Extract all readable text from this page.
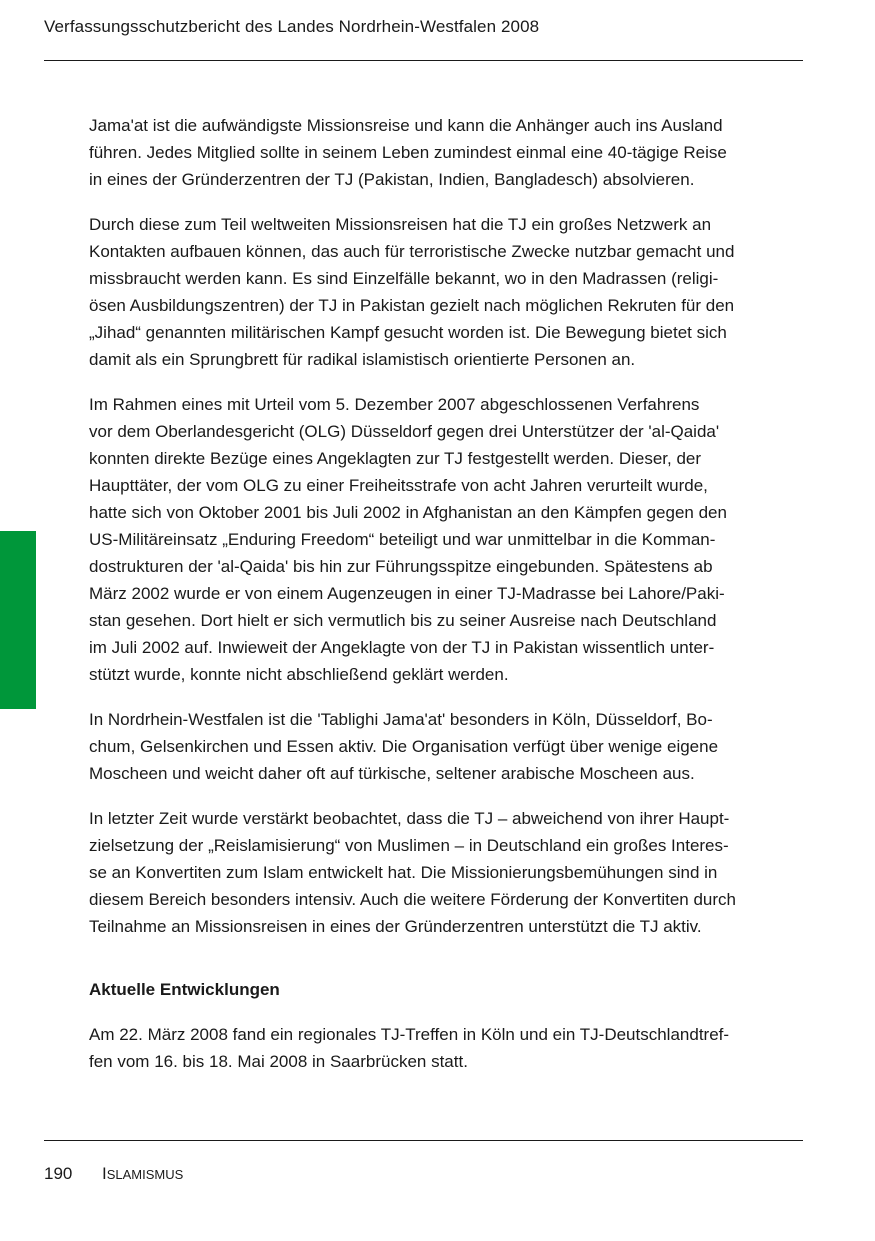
Verfassungsschutzbericht des Landes Nordrhein-Westfalen 2008
Jama'at ist die aufwändigste Missionsreise und kann die Anhänger auch ins Ausland
führen. Jedes Mitglied sollte in seinem Leben zumindest einmal eine 40-tägige Reise
in eines der Gründerzentren der TJ (Pakistan, Indien, Bangladesch) absolvieren.
Durch diese zum Teil weltweiten Missionsreisen hat die TJ ein großes Netzwerk an
Kontakten aufbauen können, das auch für terroristische Zwecke nutzbar gemacht und
missbraucht werden kann. Es sind Einzelfälle bekannt, wo in den Madrassen (religi-
ösen Ausbildungszentren) der TJ in Pakistan gezielt nach möglichen Rekruten für den
„Jihad“ genannten militärischen Kampf gesucht worden ist. Die Bewegung bietet sich
damit als ein Sprungbrett für radikal islamistisch orientierte Personen an.
Im Rahmen eines mit Urteil vom 5. Dezember 2007 abgeschlossenen Verfahrens
vor dem Oberlandesgericht (OLG) Düsseldorf gegen drei Unterstützer der 'al-Qaida'
konnten direkte Bezüge eines Angeklagten zur TJ festgestellt werden. Dieser, der
Haupttäter, der vom OLG zu einer Freiheitsstrafe von acht Jahren verurteilt wurde,
hatte sich von Oktober 2001 bis Juli 2002 in Afghanistan an den Kämpfen gegen den
US-Militäreinsatz „Enduring Freedom“ beteiligt und war unmittelbar in die Komman-
dostrukturen der 'al-Qaida' bis hin zur Führungsspitze eingebunden. Spätestens ab
März 2002 wurde er von einem Augenzeugen in einer TJ-Madrasse bei Lahore/Paki-
stan gesehen. Dort hielt er sich vermutlich bis zu seiner Ausreise nach Deutschland
im Juli 2002 auf. Inwieweit der Angeklagte von der TJ in Pakistan wissentlich unter-
stützt wurde, konnte nicht abschließend geklärt werden.
In Nordrhein-Westfalen ist die 'Tablighi Jama'at' besonders in Köln, Düsseldorf, Bo-
chum, Gelsenkirchen und Essen aktiv. Die Organisation verfügt über wenige eigene
Moscheen und weicht daher oft auf türkische, seltener arabische Moscheen aus.
In letzter Zeit wurde verstärkt beobachtet, dass die TJ – abweichend von ihrer Haupt-
zielsetzung der „Reislamisierung“ von Muslimen – in Deutschland ein großes Interes-
se an Konvertiten zum Islam entwickelt hat. Die Missionierungsbemühungen sind in
diesem Bereich besonders intensiv. Auch die weitere Förderung der Konvertiten durch
Teilnahme an Missionsreisen in eines der Gründerzentren unterstützt die TJ aktiv.
Aktuelle Entwicklungen
Am 22. März 2008 fand ein regionales TJ-Treffen in Köln und ein TJ-Deutschlandtref-
fen vom 16. bis 18. Mai 2008 in Saarbrücken statt.
190 ISLAMISMUS
